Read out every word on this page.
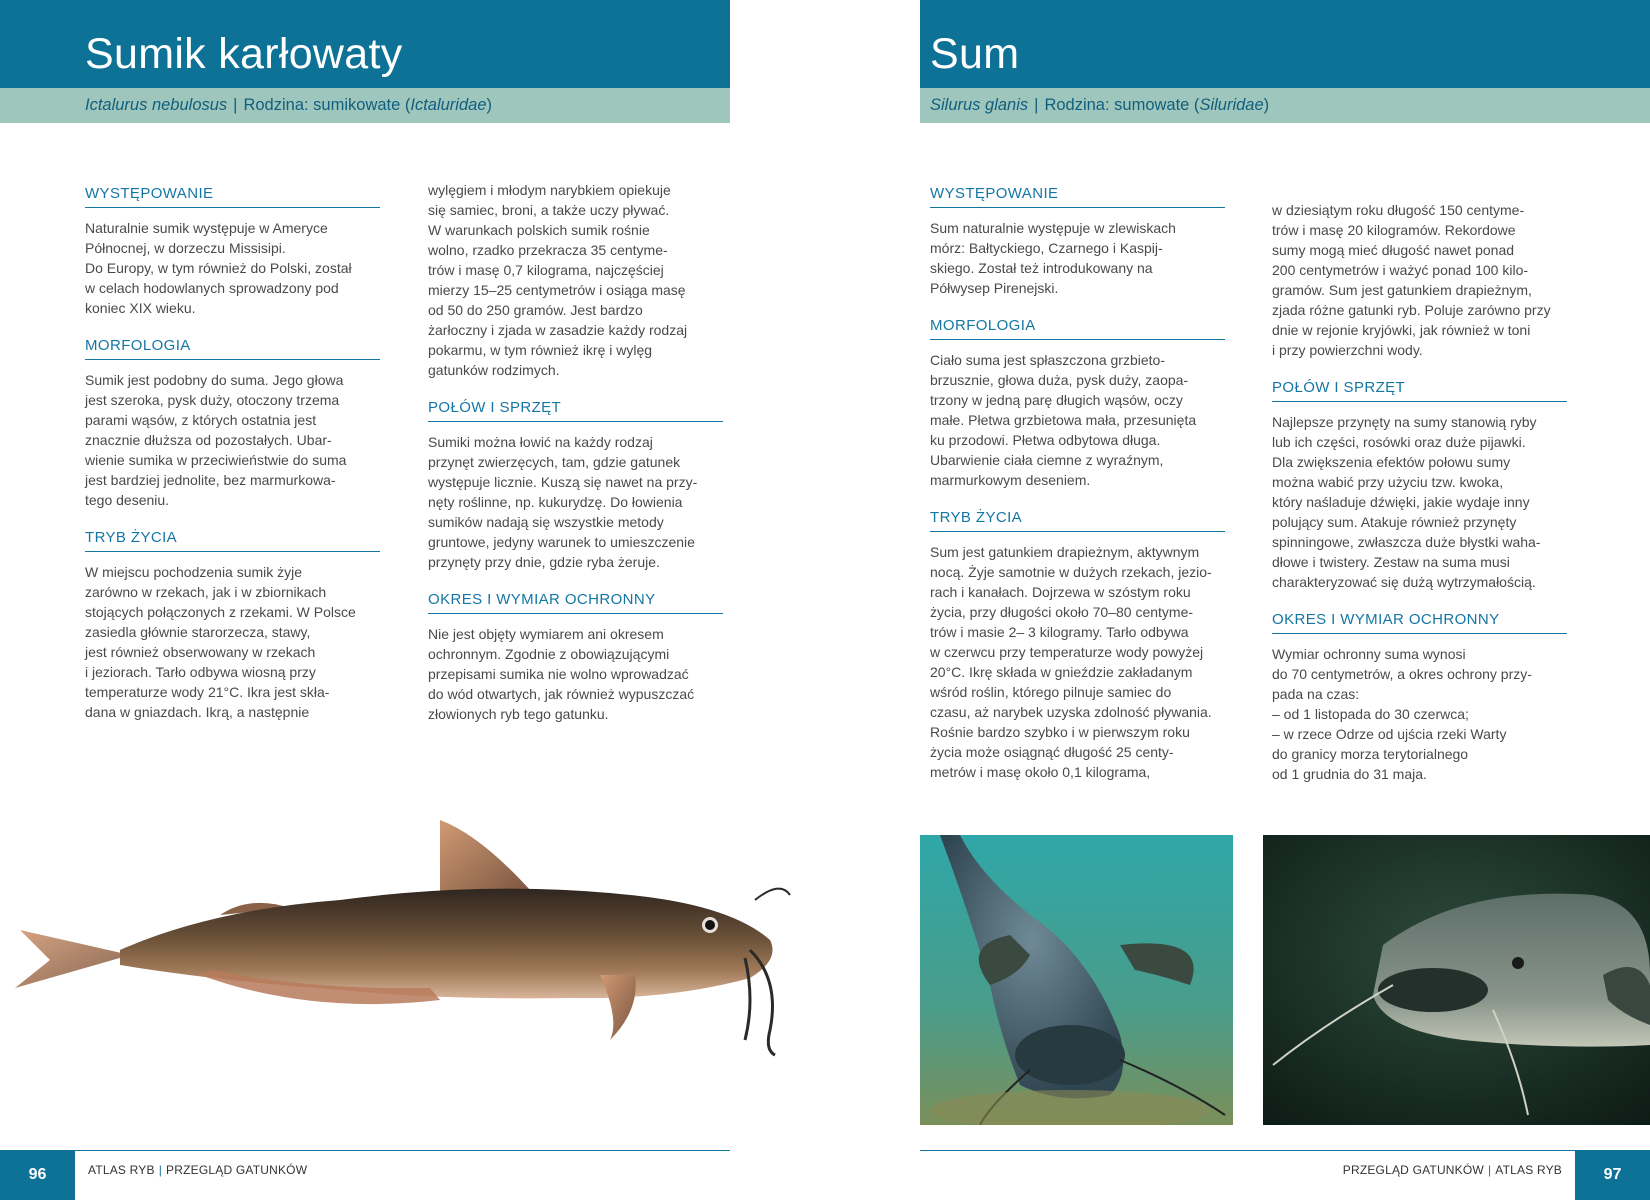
Sumik karłowaty
Ictalurus nebulosus | Rodzina: sumikowate (Ictaluridae)
WYSTĘPOWANIE
Naturalnie sumik występuje w Ameryce
Północnej, w dorzeczu Missisipi.
Do Europy, w tym również do Polski, został
w celach hodowlanych sprowadzony pod
koniec XIX wieku.
MORFOLOGIA
Sumik jest podobny do suma. Jego głowa
jest szeroka, pysk duży, otoczony trzema
parami wąsów, z których ostatnia jest
znacznie dłuższa od pozostałych. Ubar-
wienie sumika w przeciwieństwie do suma
jest bardziej jednolite, bez marmurkowa-
tego deseniu.
TRYB ŻYCIA
W miejscu pochodzenia sumik żyje
zarówno w rzekach, jak i w zbiornikach
stojących połączonych z rzekami. W Polsce
zasiedla głównie starorzecza, stawy,
jest również obserwowany w rzekach
i jeziorach. Tarło odbywa wiosną przy
temperaturze wody 21°C. Ikra jest skła-
dana w gniazdach. Ikrą, a następnie
wylęgiem i młodym narybkiem opiekuje
się samiec, broni, a także uczy pływać.
W warunkach polskich sumik rośnie
wolno, rzadko przekracza 35 centyme-
trów i masę 0,7 kilograma, najczęściej
mierzy 15–25 centymetrów i osiąga masę
od 50 do 250 gramów. Jest bardzo
żarłoczny i zjada w zasadzie każdy rodzaj
pokarmu, w tym również ikrę i wylęg
gatunków rodzimych.
POŁÓW I SPRZĘT
Sumiki można łowić na każdy rodzaj
przynęt zwierzęcych, tam, gdzie gatunek
występuje licznie. Kuszą się nawet na przy-
nęty roślinne, np. kukurydzę. Do łowienia
sumików nadają się wszystkie metody
gruntowe, jedyny warunek to umieszczenie
przynęty przy dnie, gdzie ryba żeruje.
OKRES I WYMIAR OCHRONNY
Nie jest objęty wymiarem ani okresem
ochronnym. Zgodnie z obowiązującymi
przepisami sumika nie wolno wprowadzać
do wód otwartych, jak również wypuszczać
złowionych ryb tego gatunku.
96	ATLAS RYB | PRZEGLĄD GATUNKÓW
Sum
Silurus glanis | Rodzina: sumowate (Siluridae)
WYSTĘPOWANIE
Sum naturalnie występuje w zlewiskach
mórz: Bałtyckiego, Czarnego i Kaspij-
skiego. Został też introdukowany na
Półwysep Pirenejski.
MORFOLOGIA
Ciało suma jest spłaszczona grzbieto-
brzusznie, głowa duża, pysk duży, zaopa-
trzony w jedną parę długich wąsów, oczy
małe. Płetwa grzbietowa mała, przesunięta
ku przodowi. Płetwa odbytowa długa.
Ubarwienie ciała ciemne z wyraźnym,
marmurkowym deseniem.
TRYB ŻYCIA
Sum jest gatunkiem drapieżnym, aktywnym
nocą. Żyje samotnie w dużych rzekach, jezio-
rach i kanałach. Dojrzewa w szóstym roku
życia, przy długości około 70–80 centyme-
trów i masie 2– 3 kilogramy. Tarło odbywa
w czerwcu przy temperaturze wody powyżej
20°C. Ikrę składa w gnieździe zakładanym
wśród roślin, którego pilnuje samiec do
czasu, aż narybek uzyska zdolność pływania.
Rośnie bardzo szybko i w pierwszym roku
życia może osiągnąć długość 25 centy-
metrów i masę około 0,1 kilograma,
w dziesiątym roku długość 150 centyme-
trów i masę 20 kilogramów. Rekordowe
sumy mogą mieć długość nawet ponad
200 centymetrów i ważyć ponad 100 kilo-
gramów. Sum jest gatunkiem drapieżnym,
zjada różne gatunki ryb. Poluje zarówno przy
dnie w rejonie kryjówki, jak również w toni
i przy powierzchni wody.
POŁÓW I SPRZĘT
Najlepsze przynęty na sumy stanowią ryby
lub ich części, rosówki oraz duże pijawki.
Dla zwiększenia efektów połowu sumy
można wabić przy użyciu tzw. kwoka,
który naśladuje dźwięki, jakie wydaje inny
polujący sum. Atakuje również przynęty
spinningowe, zwłaszcza duże błystki waha-
dłowe i twistery. Zestaw na suma musi
charakteryzować się dużą wytrzymałością.
OKRES I WYMIAR OCHRONNY
Wymiar ochronny suma wynosi
do 70 centymetrów, a okres ochrony przy-
pada na czas:
– od 1 listopada do 30 czerwca;
– w rzece Odrze od ujścia rzeki Warty
do granicy morza terytorialnego
od 1 grudnia do 31 maja.
97
PRZEGLĄD GATUNKÓW | ATLAS RYB
